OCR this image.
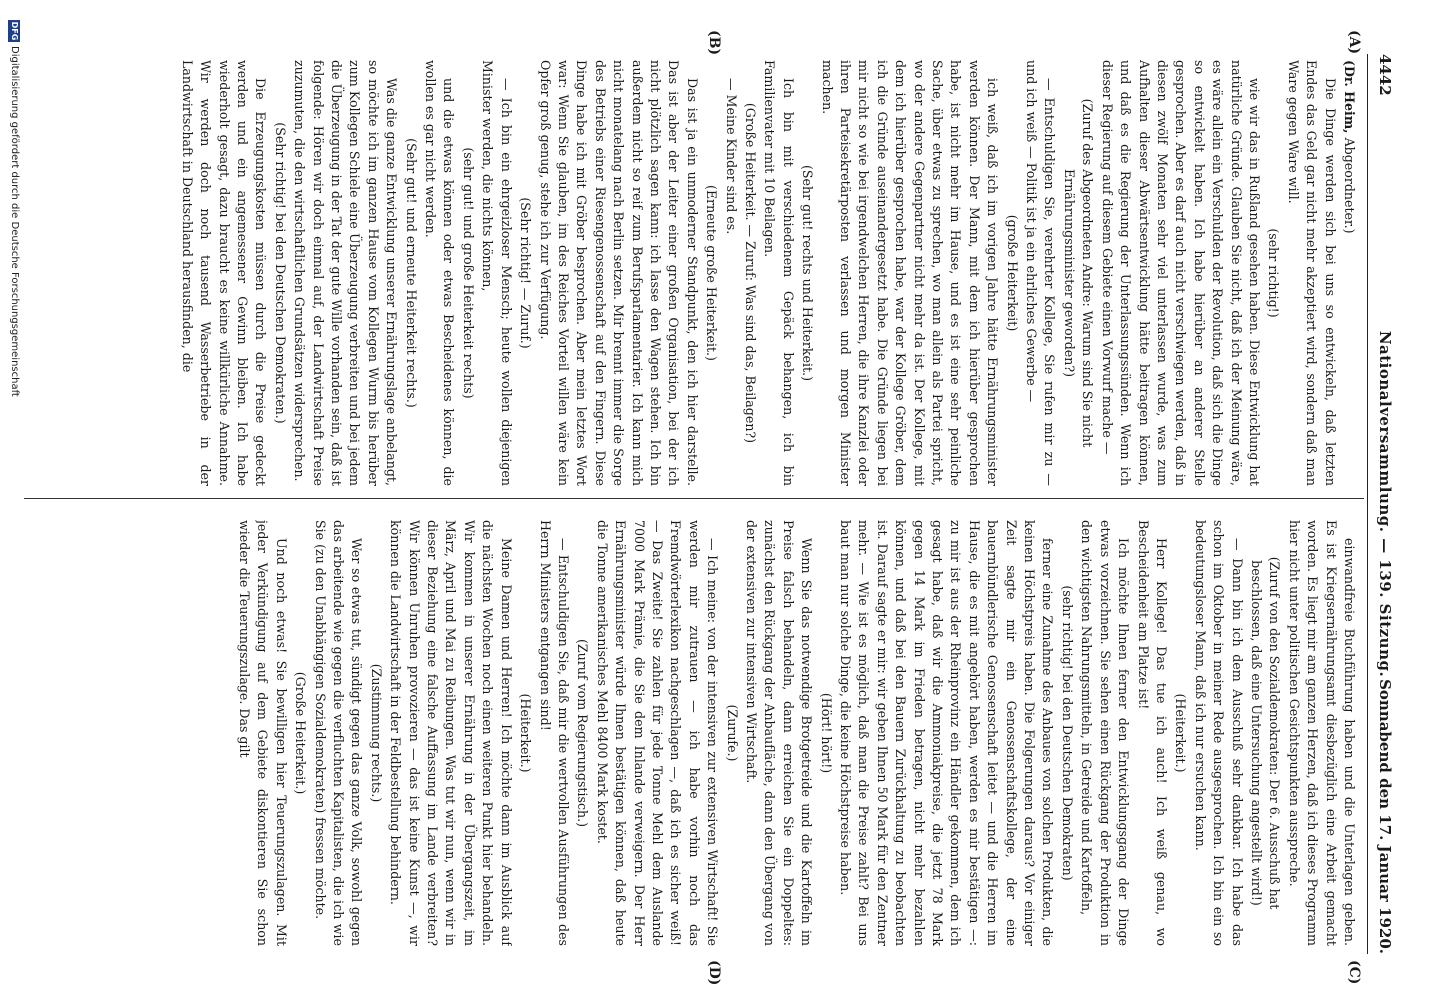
4442
Nationalversammlung. — 139. Sitzung.
Sonnabend den 17. Januar 1920.
(A)
(B)
(C)
(D)

(Dr. Heim, Abgeordneter.)

Die Dinge werden sich bei uns so entwickeln, daß letzten Endes das Geld gar nicht mehr akzeptiert wird, sondern daß man Ware gegen Ware will.

(sehr richtig!)

wie wir das in Rußland gesehen haben. Diese Entwicklung hat natürliche Gründe. Glauben Sie nicht, daß ich der Meinung wäre, es wäre allein ein Verschulden der Revolution, daß sich die Dinge so entwickelt haben. Ich habe hierüber an anderer Stelle gesprochen. Aber es darf auch nicht verschwiegen werden, daß in diesen zwölf Monaten sehr viel unterlassen wurde, was zum Aufhalten dieser Abwärtsentwicklung hätte beitragen können, und daß es die Regierung der Unterlassungssünden. Wenn ich dieser Regierung auf diesem Gebiete einen Vorwurf mache —

(Zuruf des Abgeordneten Andre: Warum sind Sie nicht Ernährungsminister geworden?)

— Entschuldigen Sie, verehrter Kollege, Sie rufen mir zu — und ich weiß — Politik ist ja ein ehrliches Gewerbe —

(große Heiterkeit)

ich weiß, daß ich im vorigen Jahre hätte Ernährungsminister werden können. Der Mann, mit dem ich hierüber gesprochen habe, ist nicht mehr im Hause, und es ist eine sehr peinliche Sache, über etwas zu sprechen, wo man allein als Partei spricht, wo der andere Gegenpartner nicht mehr da ist. Der Kollege, mit dem ich hierüber gesprochen habe, war der Kollege Gröber, dem ich die Gründe auseinandergesetzt habe. Die Gründe liegen bei mir nicht so wie bei irgendwelchen Herren, die ihre Kanzlei oder ihren Parteisekretärposten verlassen und morgen Minister machen.

(Sehr gut! rechts und Heiterkeit.)

Ich bin mit verschiedenem Gepäck behangen, ich bin Familienvater mit 10 Beilagen.

(Große Heiterkeit. — Zuruf: Was sind das, Beilagen?)

— Meine Kinder sind es.

(Erneute große Heiterkeit.)

Das ist ja ein unmoderner Standpunkt, den ich hier darstelle. Das ist aber der Leiter einer großen Organisation, bei der ich nicht plötzlich sagen kann: ich lasse den Wagen stehen. Ich bin außerdem nicht so reif zum Berufsparlamentarier. Ich kann mich nicht monatelang nach Berlin setzen. Mir brennt immer die Sorge des Betriebs einer Riesengenossenschaft auf den Fingern. Diese Dinge habe ich mit Gröber besprochen. Aber mein letztes Wort war: Wenn Sie glauben, im des Reiches Vorteil willen wäre kein Opfer groß genug, stehe ich zur Verfügung.

(Sehr richtig! — Zuruf.)

— Ich bin ein ehrgeizloser Mensch; heute wollen diejenigen Minister werden, die nichts können,

(sehr gut! und große Heiterkeit rechts)

und die etwas können oder etwas Bescheidenes können, die wollen es gar nicht werden.

(Sehr gut! und erneute Heiterkeit rechts.)

Was die ganze Entwicklung unserer Ernährungslage anbelangt, so möchte ich im ganzen Hause vom Kollegen Wurm bis herüber zum Kollegen Schiele eine Überzeugung verbreiten und bei jedem die Überzeugung in der Tat der gute Wille vorhanden sein, daß ist folgende: Hören wir doch einmal auf, der Landwirtschaft Preise zuzumuten, die den wirtschaftlichen Grundsätzen widersprechen.

(Sehr richtig! bei den Deutschen Demokraten.)

Die Erzeugungskosten müssen durch die Preise gedeckt werden und ein angemessener Gewinn bleiben. Ich habe wiederholt gesagt, dazu braucht es keine willkürliche Annahme. Wir werden doch noch tausend Wasserbetriebe in der Landwirtschaft in Deutschland herausfinden, die

einwandfreie Buchführung haben und die Unterlagen geben. Es ist Kriegsernährungsamt diesbezüglich eine Arbeit gemacht worden. Es liegt mir am ganzen Herzen, daß ich dieses Programm hier nicht unter politischen Gesichtspunkten ausspreche.

(Zuruf von den Sozialdemokraten: Der 6. Ausschuß hat beschlossen, daß eine Untersuchung angestellt wird!)

— Dann bin ich dem Ausschuß sehr dankbar. Ich habe das schon im Oktober in meiner Rede ausgesprochen. Ich bin ein so bedeutungsloser Mann, daß ich nur ersuchen kann.

(Heiterkeit.)

Herr Kollege! Das tue ich auch! Ich weiß genau, wo Bescheidenheit am Platze ist!

Ich möchte Ihnen ferner den Entwicklungsgang der Dinge etwas vorzeichnen. Sie sehen einen Rückgang der Produktion in den wichtigsten Nahrungsmitteln, in Getreide und Kartoffeln,

(sehr richtig! bei den Deutschen Demokraten)

ferner eine Zunahme des Anbaues von solchen Produkten, die keinen Höchstpreis haben. Die Folgerungen daraus? Vor einiger Zeit sagte mir ein Genossenschaftskollege, der eine bauernbündlerische Genossenschaft leitet — und die Herren im Hause, die es mit angehört haben, werden es mir bestätigen —: zu mir ist aus der Rheinprovinz ein Händler gekommen, dem ich gesagt habe, daß wir die Ammoniakpreise, die jetzt 78 Mark gegen 14 Mark im Frieden betragen, nicht mehr bezahlen können, und daß bei den Bauern Zurückhaltung zu beobachten ist. Darauf sagte er mir: wir geben Ihnen 50 Mark für den Zentner mehr. — Wie ist es möglich, daß man die Preise zahlt? Bei uns baut man nur solche Dinge, die keine Höchstpreise haben.

(Hört! hört!)

Wenn Sie das notwendige Brotgetreide und die Kartoffeln im Preise falsch behandeln, dann erreichen Sie ein Doppeltes: zunächst den Rückgang der Anbaufläche, dann den Übergang von der extensiven zur intensiven Wirtschaft.

(Zurufe.)

— Ich meine: von der intensiven zur extensiven Wirtschaft! Sie werden mir zutrauen — ich habe vorhin noch das Fremdwörterlexikon nachgeschlagen —, daß ich es sicher weiß! — Das Zweite! Sie zahlen für jede Tonne Mehl dem Auslande 7000 Mark Prämie, die Sie dem Inlande verweigern. Der Herr Ernährungsminister würde Ihnen bestätigen können, daß heute die Tonne amerikanisches Mehl 8400 Mark kostet.

(Zuruf vom Regierungstisch.)

— Entschuldigen Sie, daß mir die wertvollen Ausführungen des Herrn Ministers entgangen sind!

(Heiterkeit.)

Meine Damen und Herren! Ich möchte dann im Ausblick auf die nächsten Wochen noch einen weiteren Punkt hier behandeln. Wir kommen in unserer Ernährung in der Übergangszeit, im März, April und Mai zu Reibungen. Was tut wir nun, wenn wir in dieser Beziehung eine falsche Auffassung im Lande verbreiten? Wir können Unruhen provozieren — das ist keine Kunst —, wir können die Landwirtschaft in der Feldbestellung behindern.

(Zustimmung rechts.)

Wer so etwas tut, sündigt gegen das ganze Volk, sowohl gegen das arbeitende wie gegen die verfluchten Kapitalisten, die ich wie Sie (zu den Unabhängigen Sozialdemokraten) fressen möchte.

(Große Heiterkeit.)

Und noch etwas! Sie bewilligen hier Teuerungszulagen. Mit jeder Verkündigung auf dem Gebiete diskontieren Sie schon wieder die Teuerungszulage. Das gilt

DFGDigitalisierung gefördert durch die Deutsche Forschungsgemeinschaft
